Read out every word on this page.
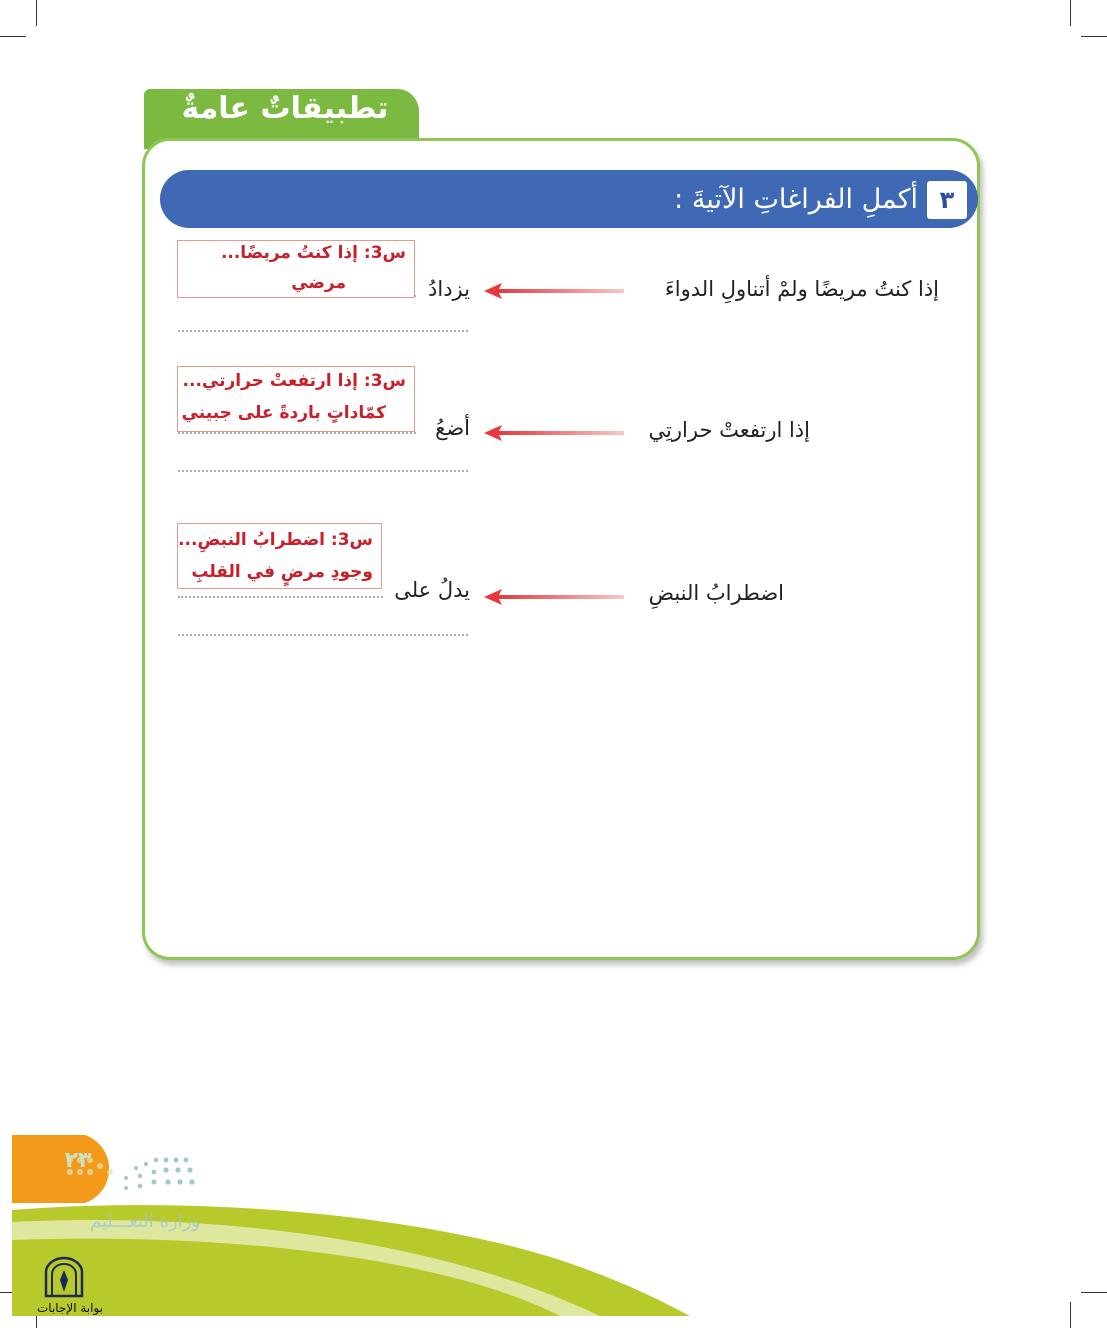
تطبيقاتٌ عامةٌ
٣
أكملِ الفراغاتِ الآتيةَ :
إذا كنتُ مريضًا ولمْ أتناولِ الدواءَ
يزدادُ
س3: إذا كنتُ مريضًا...
مرضي
إذا ارتفعتْ حرارتِي
أضعُ
س3: إذا ارتفعتْ حرارتي...
كمّاداتٍ باردةً على جبيني
اضطرابُ النبضِ
يدلُ على
س3: اضطرابُ النبضِ...
وجودِ مرضٍ في القلبِ
٢٣
وزارة التعـــليم
بوابة الإجابات
